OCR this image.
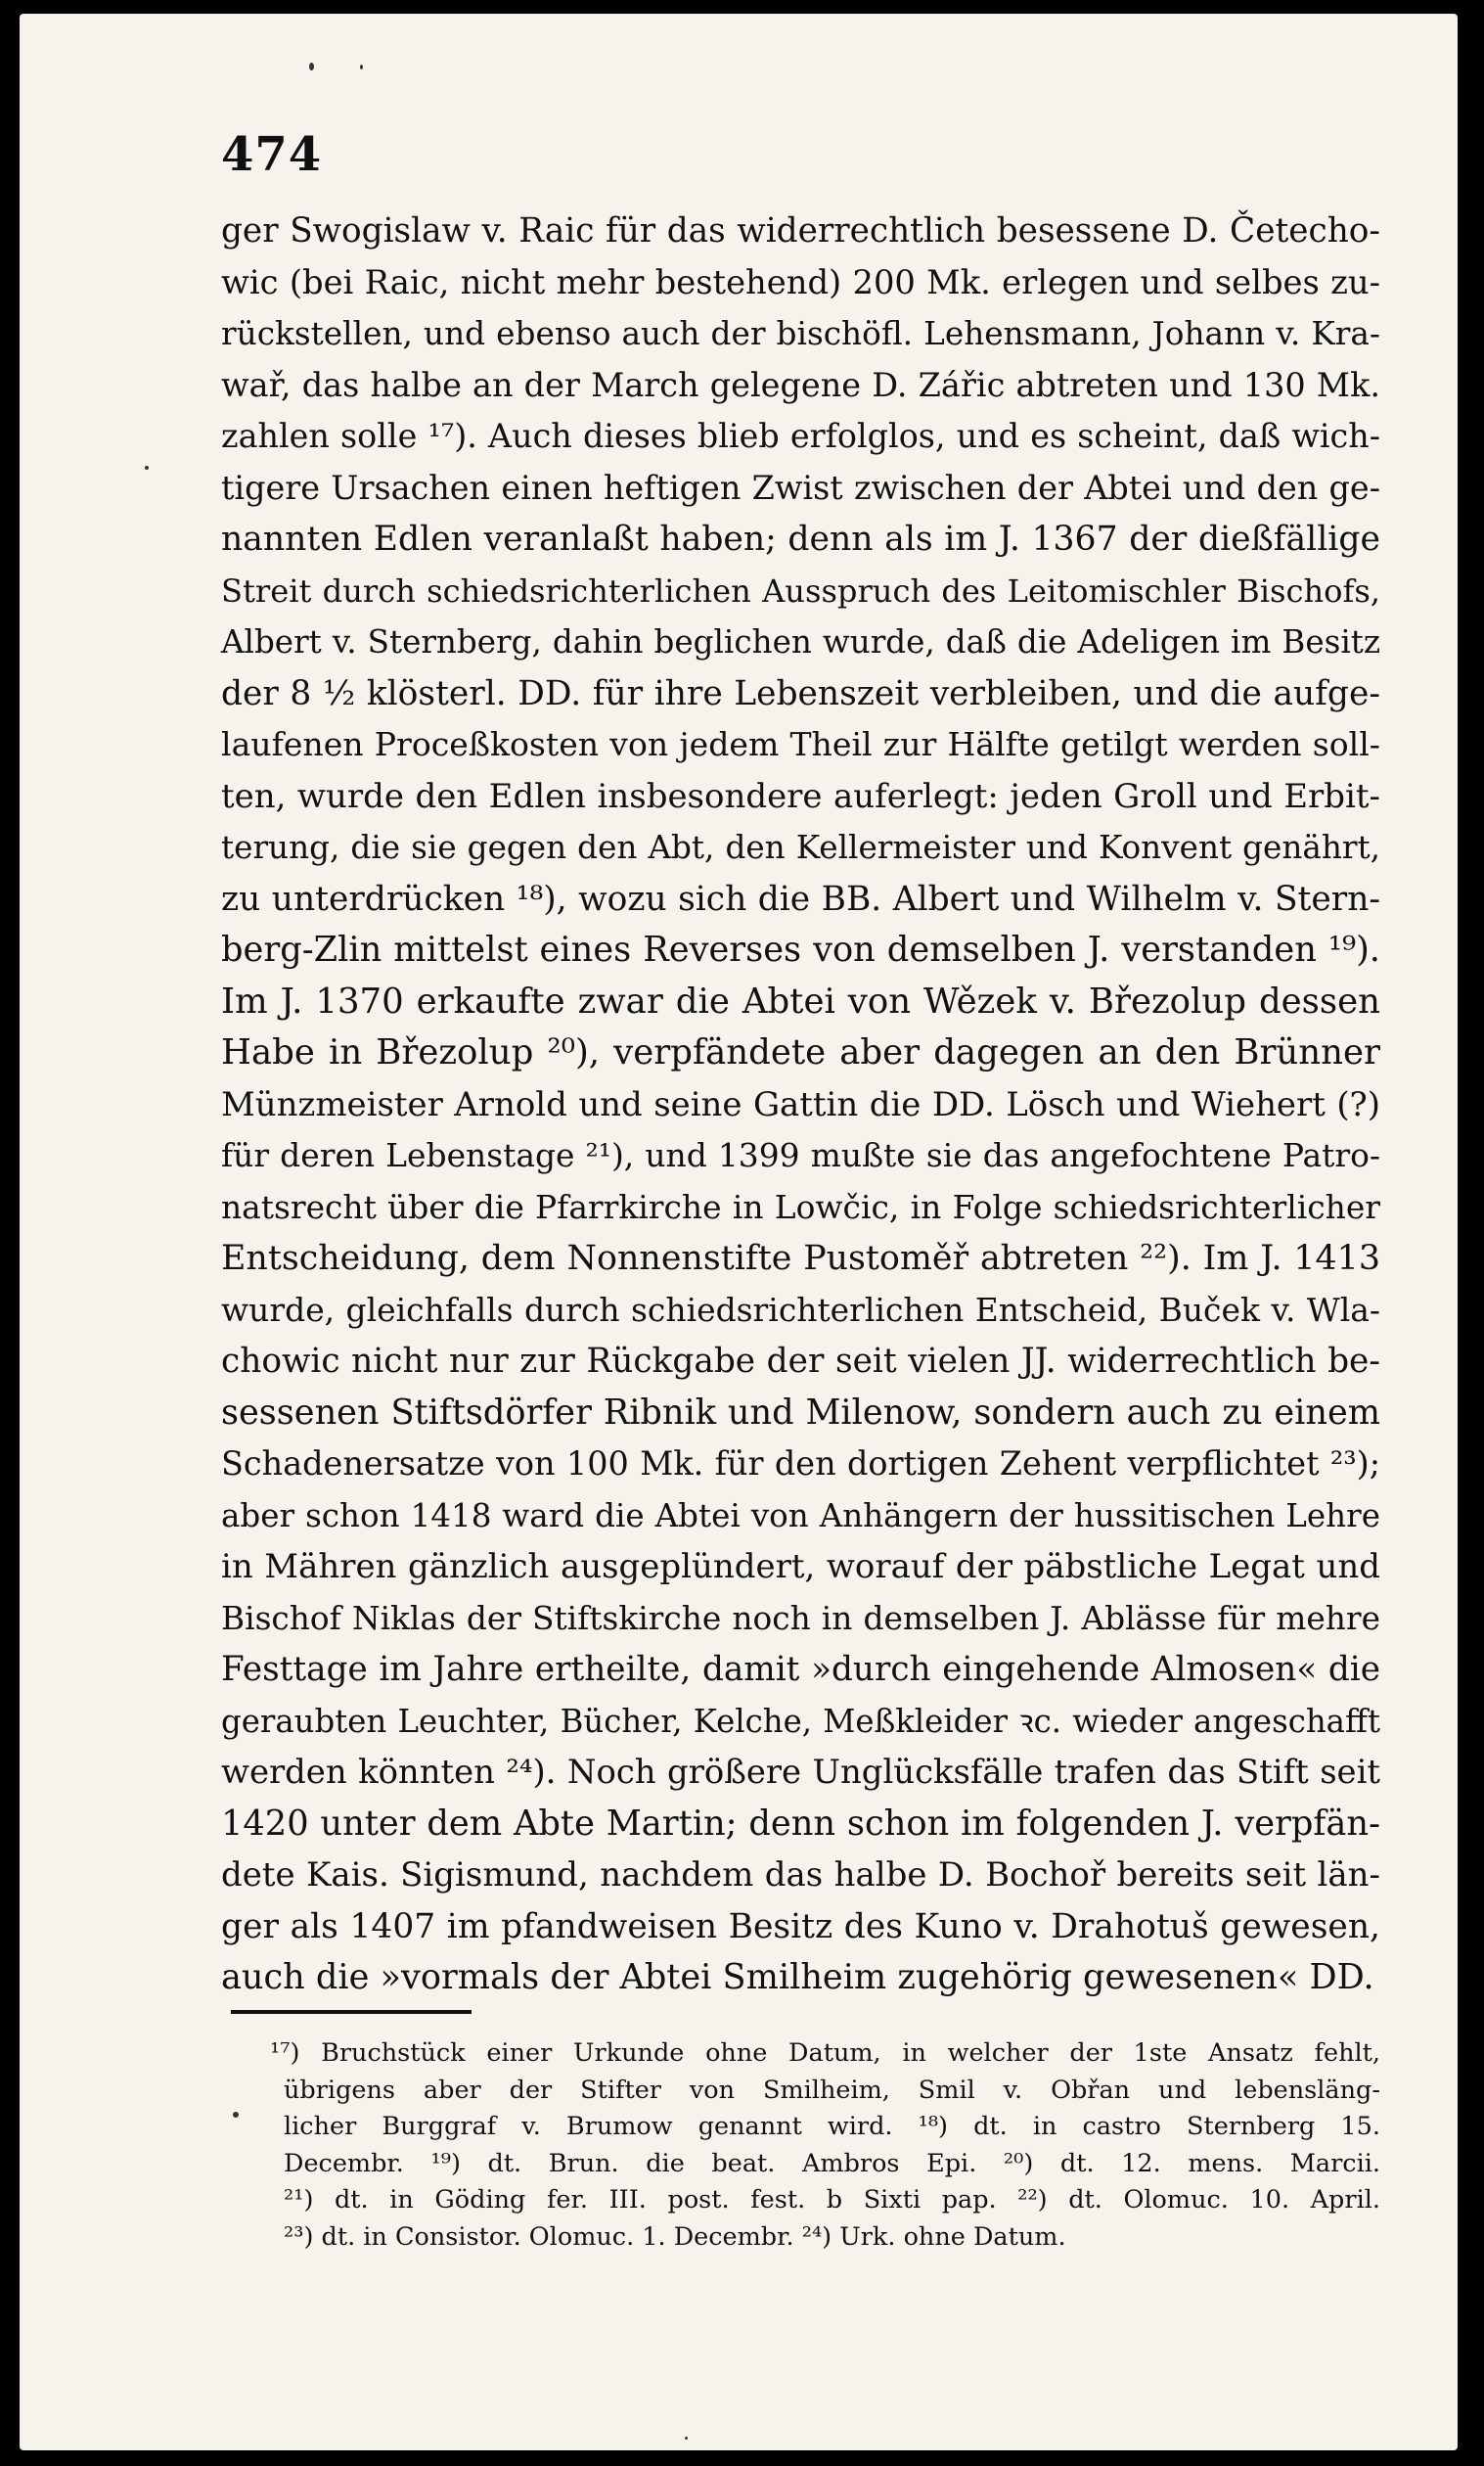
474
ger Swogislaw v. Raic für das widerrechtlich besessene D. Četecho-
wic (bei Raic, nicht mehr bestehend) 200 Mk. erlegen und selbes zu-
rückstellen, und ebenso auch der bischöfl. Lehensmann, Johann v. Kra-
wař, das halbe an der March gelegene D. Zářic abtreten und 130 Mk.
zahlen solle ¹⁷). Auch dieses blieb erfolglos, und es scheint, daß wich-
tigere Ursachen einen heftigen Zwist zwischen der Abtei und den ge-
nannten Edlen veranlaßt haben; denn als im J. 1367 der dießfällige
Streit durch schiedsrichterlichen Ausspruch des Leitomischler Bischofs,
Albert v. Sternberg, dahin beglichen wurde, daß die Adeligen im Besitz
der 8 ½ klösterl. DD. für ihre Lebenszeit verbleiben, und die aufge-
laufenen Proceßkosten von jedem Theil zur Hälfte getilgt werden soll-
ten, wurde den Edlen insbesondere auferlegt: jeden Groll und Erbit-
terung, die sie gegen den Abt, den Kellermeister und Konvent genährt,
zu unterdrücken ¹⁸), wozu sich die BB. Albert und Wilhelm v. Stern-
berg-Zlin mittelst eines Reverses von demselben J. verstanden ¹⁹).
Im J. 1370 erkaufte zwar die Abtei von Wězek v. Březolup dessen
Habe in Březolup ²⁰), verpfändete aber dagegen an den Brünner
Münzmeister Arnold und seine Gattin die DD. Lösch und Wiehert (?)
für deren Lebenstage ²¹), und 1399 mußte sie das angefochtene Patro-
natsrecht über die Pfarrkirche in Lowčic, in Folge schiedsrichterlicher
Entscheidung, dem Nonnenstifte Pustoměř abtreten ²²). Im J. 1413
wurde, gleichfalls durch schiedsrichterlichen Entscheid, Buček v. Wla-
chowic nicht nur zur Rückgabe der seit vielen JJ. widerrechtlich be-
sessenen Stiftsdörfer Ribnik und Milenow, sondern auch zu einem
Schadenersatze von 100 Mk. für den dortigen Zehent verpflichtet ²³);
aber schon 1418 ward die Abtei von Anhängern der hussitischen Lehre
in Mähren gänzlich ausgeplündert, worauf der päbstliche Legat und
Bischof Niklas der Stiftskirche noch in demselben J. Ablässe für mehre
Festtage im Jahre ertheilte, damit »durch eingehende Almosen« die
geraubten Leuchter, Bücher, Kelche, Meßkleider ꝛc. wieder angeschafft
werden könnten ²⁴). Noch größere Unglücksfälle trafen das Stift seit
1420 unter dem Abte Martin; denn schon im folgenden J. verpfän-
dete Kais. Sigismund, nachdem das halbe D. Bochoř bereits seit län-
ger als 1407 im pfandweisen Besitz des Kuno v. Drahotuš gewesen,
auch die »vormals der Abtei Smilheim zugehörig gewesenen« DD.
¹⁷) Bruchstück einer Urkunde ohne Datum, in welcher der 1ste Ansatz fehlt,
übrigens aber der Stifter von Smilheim, Smil v. Obřan und lebensläng-
licher Burggraf v. Brumow genannt wird. ¹⁸) dt. in castro Sternberg 15.
Decembr. ¹⁹) dt. Brun. die beat. Ambros Epi. ²⁰) dt. 12. mens. Marcii.
²¹) dt. in Göding fer. III. post. fest. b Sixti pap. ²²) dt. Olomuc. 10. April.
²³) dt. in Consistor. Olomuc. 1. Decembr. ²⁴) Urk. ohne Datum.
